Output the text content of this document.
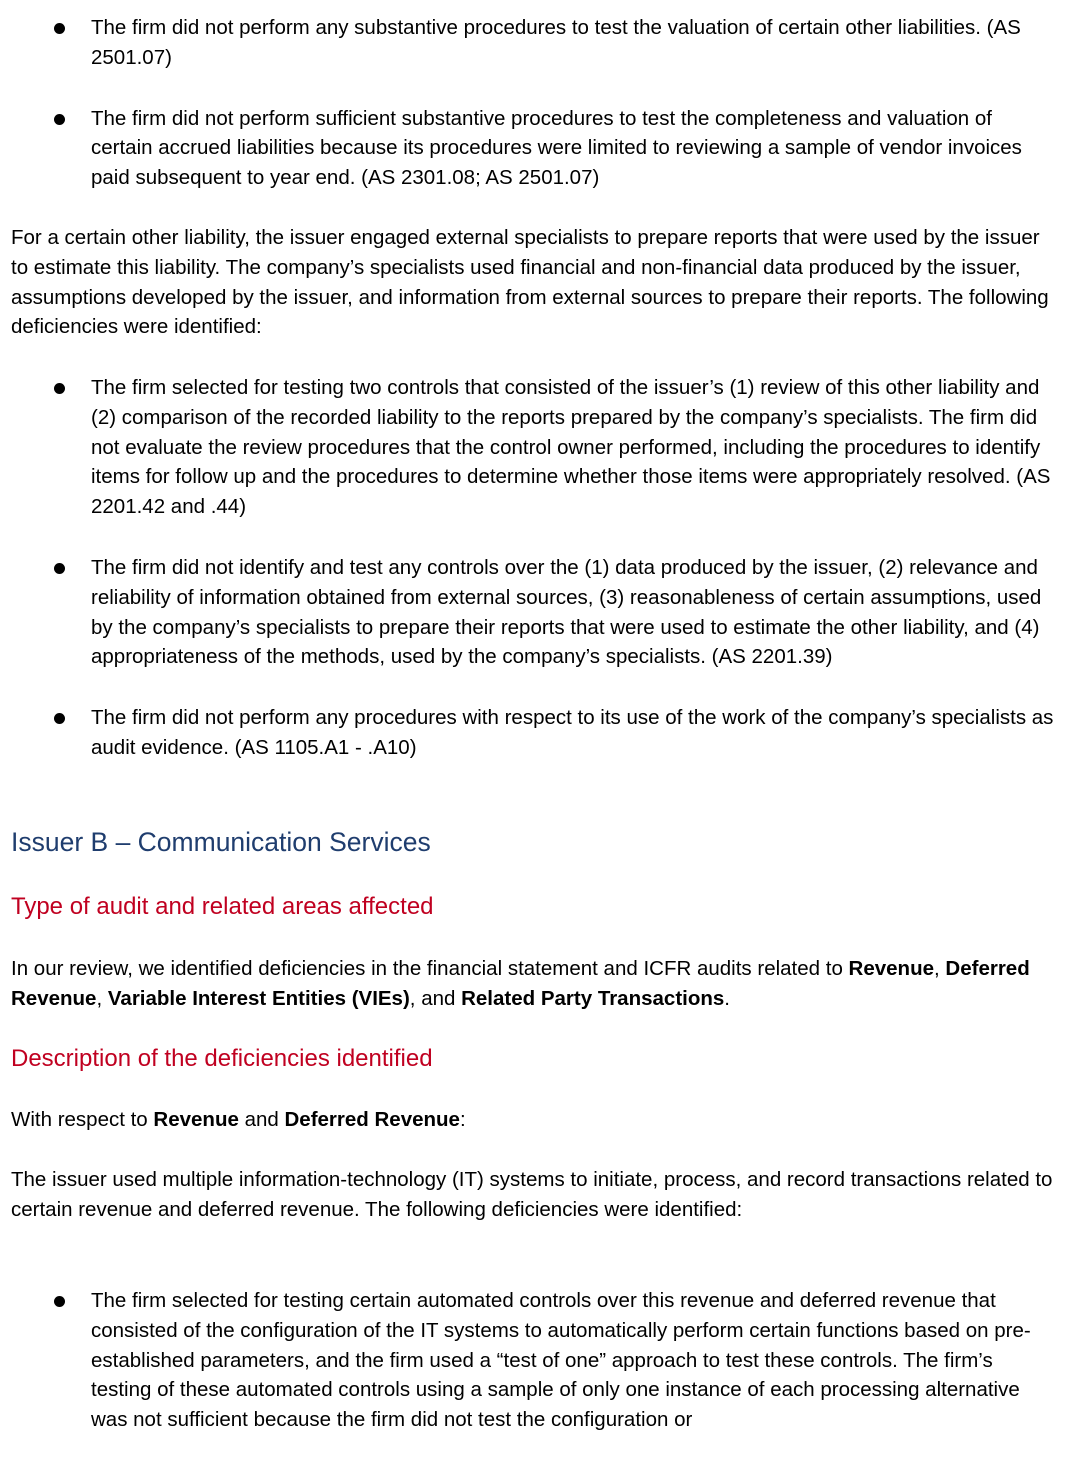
The firm did not perform any substantive procedures to test the valuation of certain other liabilities. (AS 2501.07)
The firm did not perform sufficient substantive procedures to test the completeness and valuation of certain accrued liabilities because its procedures were limited to reviewing a sample of vendor invoices paid subsequent to year end. (AS 2301.08; AS 2501.07)

For a certain other liability, the issuer engaged external specialists to prepare reports that were used by the issuer to estimate this liability. The company’s specialists used financial and non-financial data produced by the issuer, assumptions developed by the issuer, and information from external sources to prepare their reports. The following deficiencies were identified:

The firm selected for testing two controls that consisted of the issuer’s (1) review of this other liability and (2) comparison of the recorded liability to the reports prepared by the company’s specialists. The firm did not evaluate the review procedures that the control owner performed, including the procedures to identify items for follow up and the procedures to determine whether those items were appropriately resolved. (AS 2201.42 and .44)
The firm did not identify and test any controls over the (1) data produced by the issuer, (2) relevance and reliability of information obtained from external sources, (3) reasonableness of certain assumptions, used by the company’s specialists to prepare their reports that were used to estimate the other liability, and (4) appropriateness of the methods, used by the company’s specialists. (AS 2201.39)
The firm did not perform any procedures with respect to its use of the work of the company’s specialists as audit evidence. (AS 1105.A1 - .A10)
Issuer B – Communication Services
Type of audit and related areas affected

In our review, we identified deficiencies in the financial statement and ICFR audits related to Revenue, Deferred Revenue, Variable Interest Entities (VIEs), and Related Party Transactions.

Description of the deficiencies identified

With respect to Revenue and Deferred Revenue:

The issuer used multiple information-technology (IT) systems to initiate, process, and record transactions related to certain revenue and deferred revenue. The following deficiencies were identified:

The firm selected for testing certain automated controls over this revenue and deferred revenue that consisted of the configuration of the IT systems to automatically perform certain functions based on pre-established parameters, and the firm used a “test of one” approach to test these controls. The firm’s testing of these automated controls using a sample of only one instance of each processing alternative was not sufficient because the firm did not test the configuration or
